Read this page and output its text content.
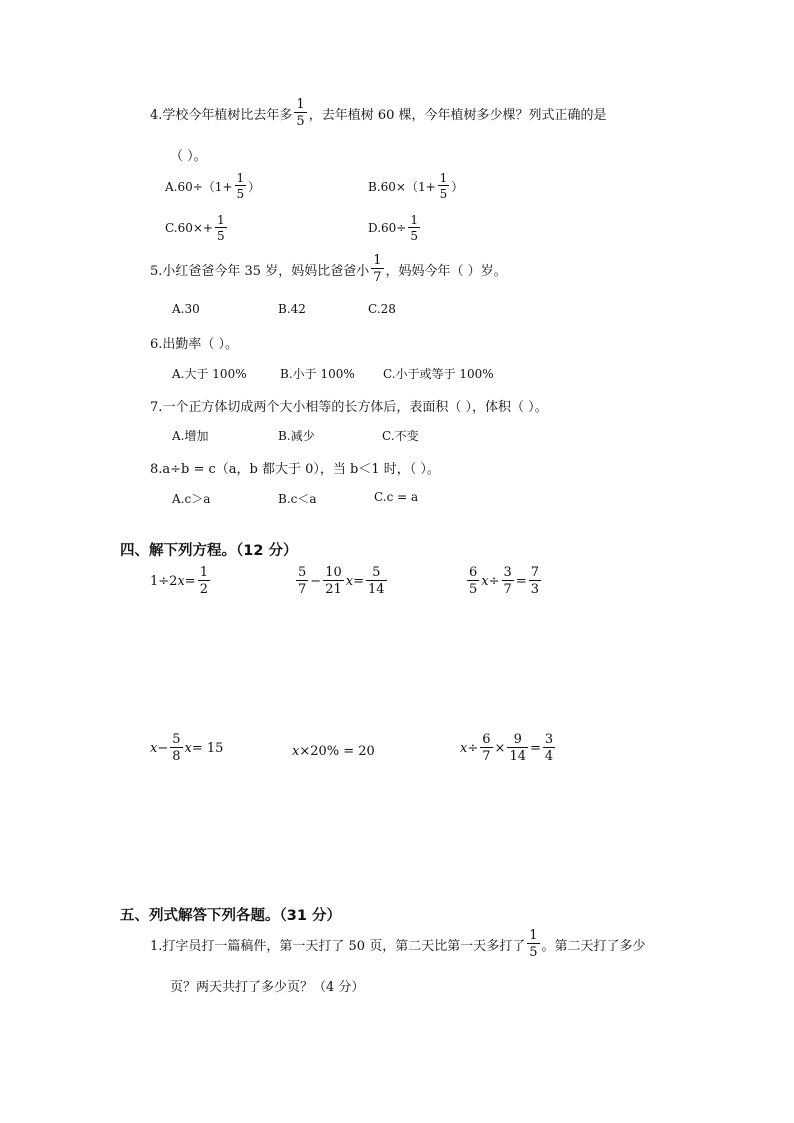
4.学校今年植树比去年多 $\frac{1}{5}$ ，去年植树 60 棵，今年植树多少棵？列式正确的是
（ ）。
$A.60\div(1+ \frac{1}{5}$ ）	$B.60\times(1+ \frac{1}{5}$ ）
$C.60\times+ \frac{1}{5}$	$D.60\div \frac{1}{5}$
5.小红爸爸今年 35 岁，妈妈比爸爸小 $\frac{1}{7}$ ，妈妈今年（ ）岁。
A.30	B.42	C.28
6.出勤率（ ）。
A.大于 100%	B.小于 100% C.小于或等于 100%
7.一个正方体切成两个大小相等的长方体后，表面积（ ），体积（ ）。
A.增加	B.减少	C.不变
8.a÷b = c（a，b 都大于 0），当 b＜1 时，（ ）。
A.c＞a	B.c＜a	C.c = a
四、解下列方程。（12 分）
1÷2 $x = \frac{1}{2}$	$\frac{5}{7} - \frac{10}{21}$ $x = \frac{5}{14}$	$\frac{6}{5}$ $x \div \frac{3}{7} = \frac{7}{3}$
$x - \frac{5}{8}$ x = 15	x ×20% = 20	$x \div \frac{6}{7} \times \frac{9}{14} = \frac{3}{4}$
五、列式解答下列各题。（31 分）
1.打字员打一篇稿件，第一天打了 50 页，第二天比第一天多打了 $\frac{1}{5}$ 。第二天打了多少
页？两天共打了多少页？（4 分）
